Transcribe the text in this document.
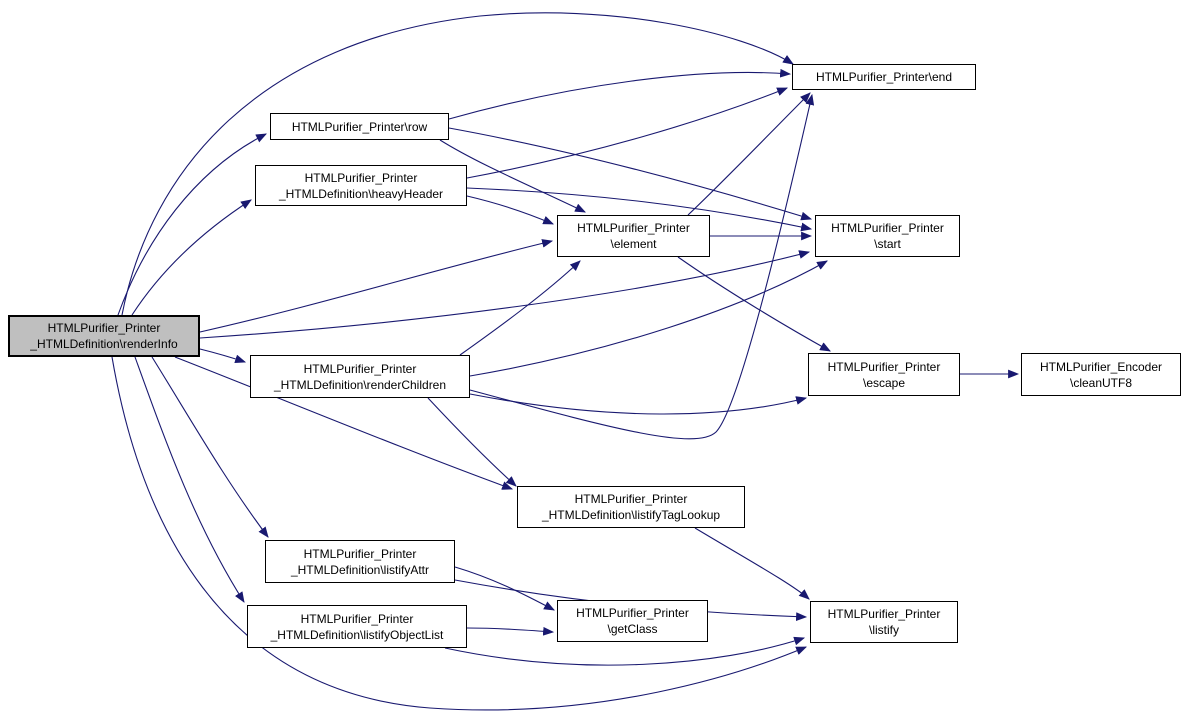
HTMLPurifier_Printer
_HTMLDefinition\renderInfo
HTMLPurifier_Printer\row
HTMLPurifier_Printer
_HTMLDefinition\heavyHeader
HTMLPurifier_Printer
\element
HTMLPurifier_Printer\end
HTMLPurifier_Printer
\start
HTMLPurifier_Printer
_HTMLDefinition\renderChildren
HTMLPurifier_Printer
\escape
HTMLPurifier_Encoder
\cleanUTF8
HTMLPurifier_Printer
_HTMLDefinition\listifyTagLookup
HTMLPurifier_Printer
_HTMLDefinition\listifyAttr
HTMLPurifier_Printer
_HTMLDefinition\listifyObjectList
HTMLPurifier_Printer
\getClass
HTMLPurifier_Printer
\listify
